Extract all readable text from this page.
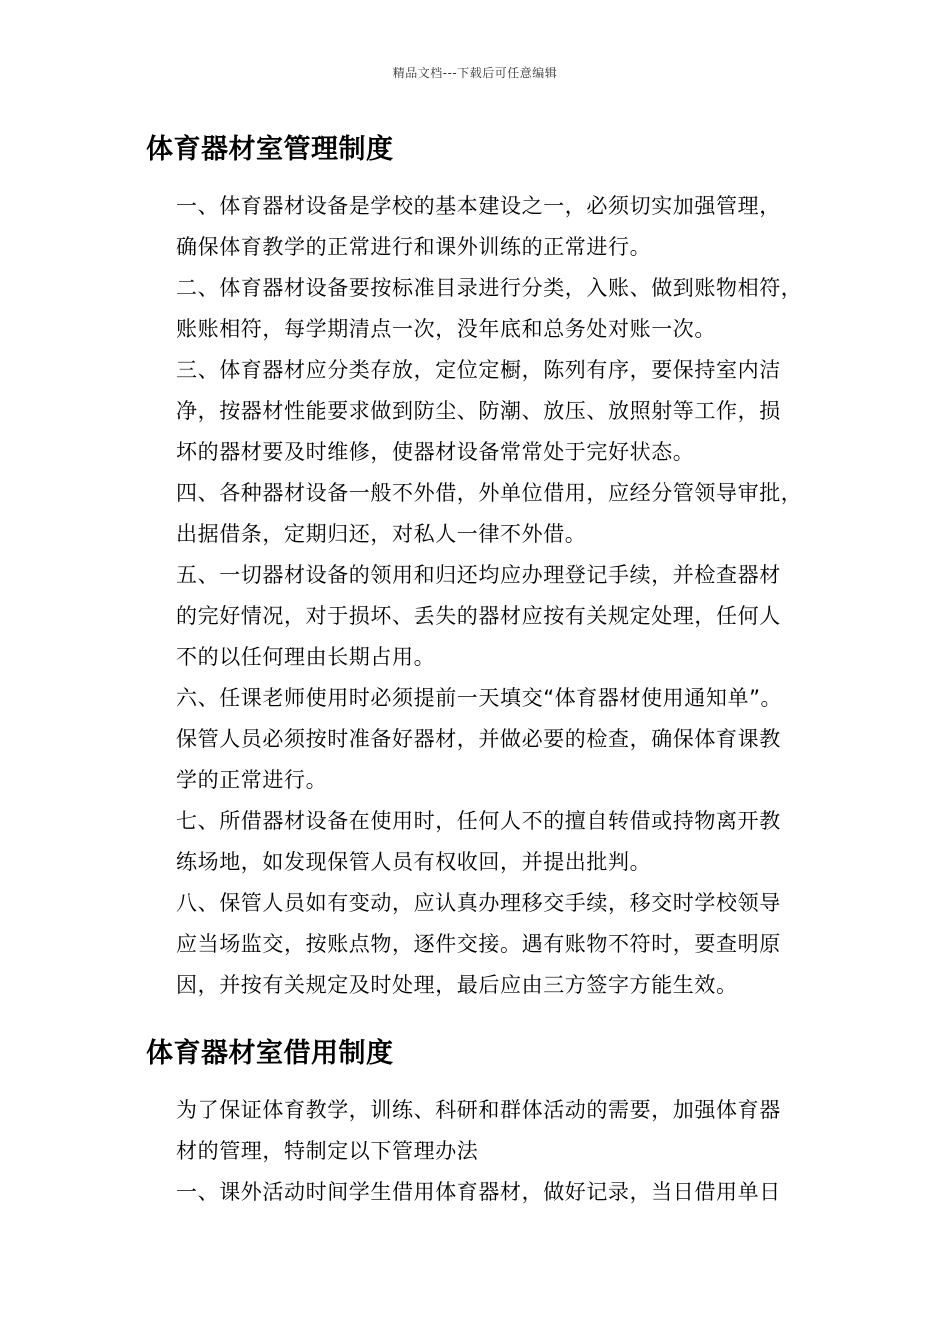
精品文档---下载后可任意编辑
体育器材室管理制度

一、体育器材设备是学校的基本建设之一，必须切实加强管理，
确保体育教学的正常进行和课外训练的正常进行。

二、体育器材设备要按标准目录进行分类，入账、做到账物相符，
账账相符，每学期清点一次，没年底和总务处对账一次。

三、体育器材应分类存放，定位定橱，陈列有序，要保持室内洁
净，按器材性能要求做到防尘、防潮、放压、放照射等工作，损
坏的器材要及时维修，使器材设备常常处于完好状态。

四、各种器材设备一般不外借，外单位借用，应经分管领导审批，
出据借条，定期归还，对私人一律不外借。

五、一切器材设备的领用和归还均应办理登记手续，并检查器材
的完好情况，对于损坏、丢失的器材应按有关规定处理，任何人
不的以任何理由长期占用。

六、任课老师使用时必须提前一天填交“体育器材使用通知单”。
保管人员必须按时准备好器材，并做必要的检查，确保体育课教
学的正常进行。

七、所借器材设备在使用时，任何人不的擅自转借或持物离开教
练场地，如发现保管人员有权收回，并提出批判。

八、保管人员如有变动，应认真办理移交手续，移交时学校领导
应当场监交，按账点物，逐件交接。遇有账物不符时，要查明原
因，并按有关规定及时处理，最后应由三方签字方能生效。

体育器材室借用制度

为了保证体育教学，训练、科研和群体活动的需要，加强体育器
材的管理，特制定以下管理办法

一、课外活动时间学生借用体育器材，做好记录，当日借用单日
